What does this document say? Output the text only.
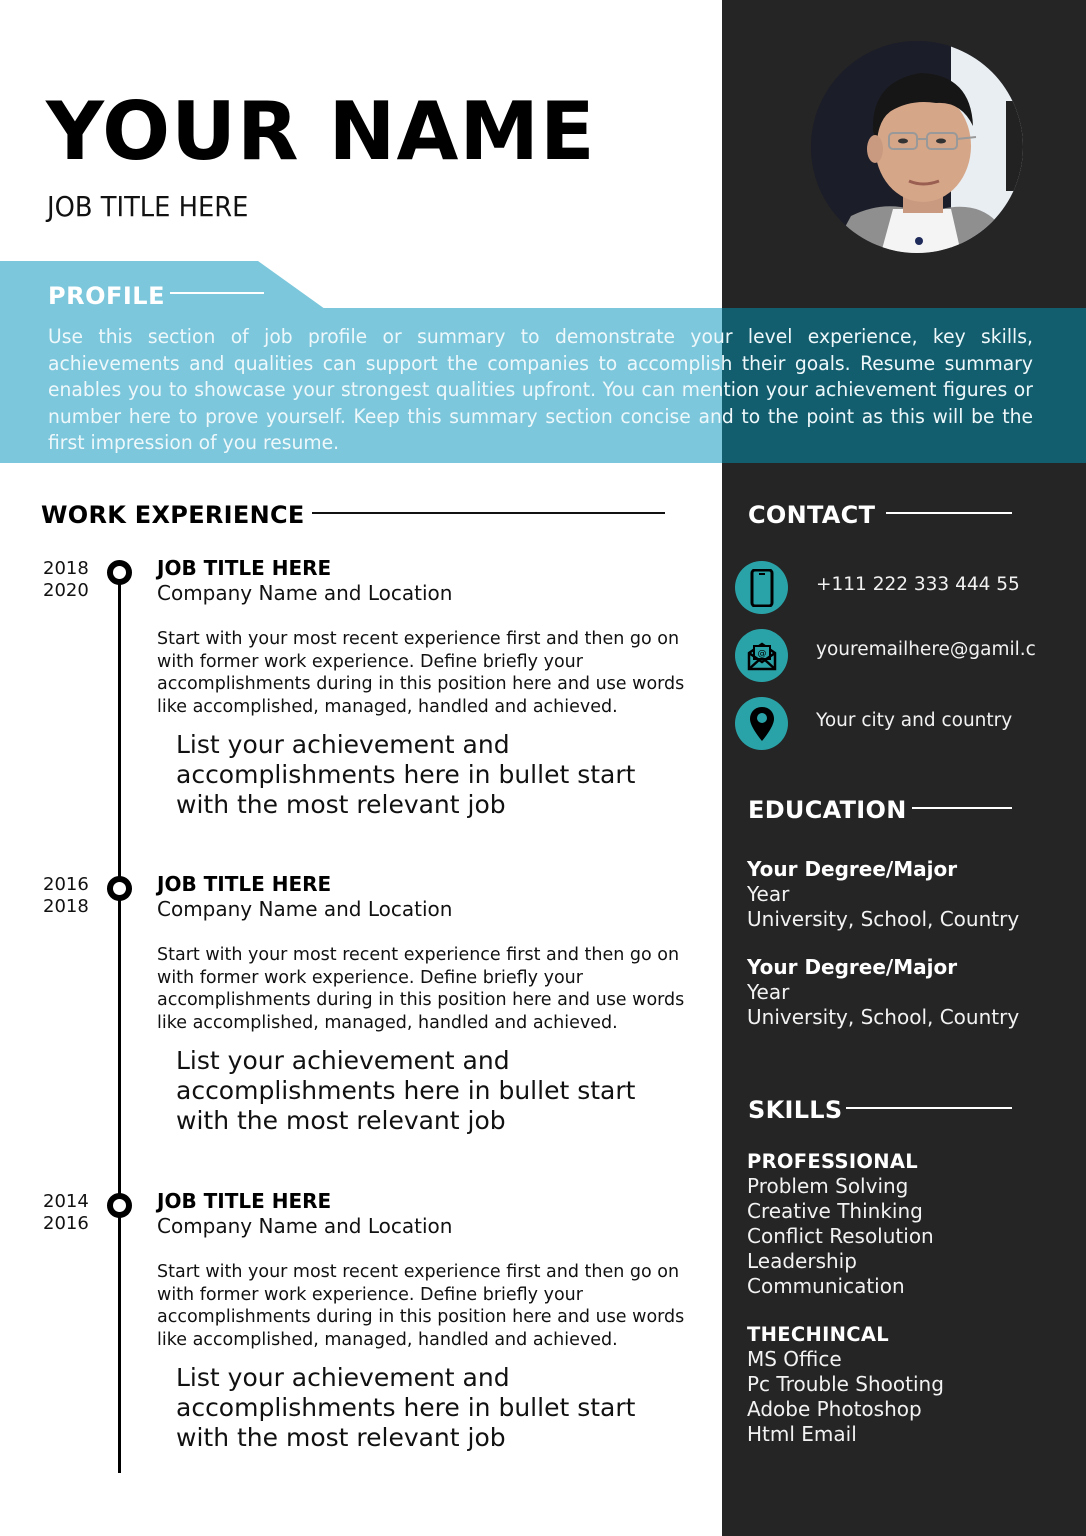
YOUR NAME
JOB TITLE HERE
PROFILE
Use this section of job profile or summary to demonstrate your level experience, key skills, achievements and qualities can support the companies to accomplish their goals. Resume summary enables you to showcase your strongest qualities upfront. You can mention your achievement figures or number here to prove yourself. Keep this summary section concise and to the point as this will be the first impression of you resume.
WORK EXPERIENCE
2018
2020
JOB TITLE HERE
Company Name and Location
Start with your most recent experience first and then go on with former work experience. Define briefly your accomplishments during in this position here and use words like accomplished, managed, handled and achieved.
List your achievement and accomplishments here in bullet start with the most relevant job
2016
2018
JOB TITLE HERE
Company Name and Location
Start with your most recent experience first and then go on with former work experience. Define briefly your accomplishments during in this position here and use words like accomplished, managed, handled and achieved.
List your achievement and accomplishments here in bullet start with the most relevant job
2014
2016
JOB TITLE HERE
Company Name and Location
Start with your most recent experience first and then go on with former work experience. Define briefly your accomplishments during in this position here and use words like accomplished, managed, handled and achieved.
List your achievement and accomplishments here in bullet start with the most relevant job
CONTACT
+111 222 333 444 55
@	youremailhere@gamil.c
Your city and country
EDUCATION
Your Degree/Major
Year
University, School, Country
Your Degree/Major
Year
University, School, Country
SKILLS
PROFESSIONAL
Problem Solving
Creative Thinking
Conflict Resolution
Leadership
Communication
THECHINCAL
MS Office
Pc Trouble Shooting
Adobe Photoshop
Html Email
